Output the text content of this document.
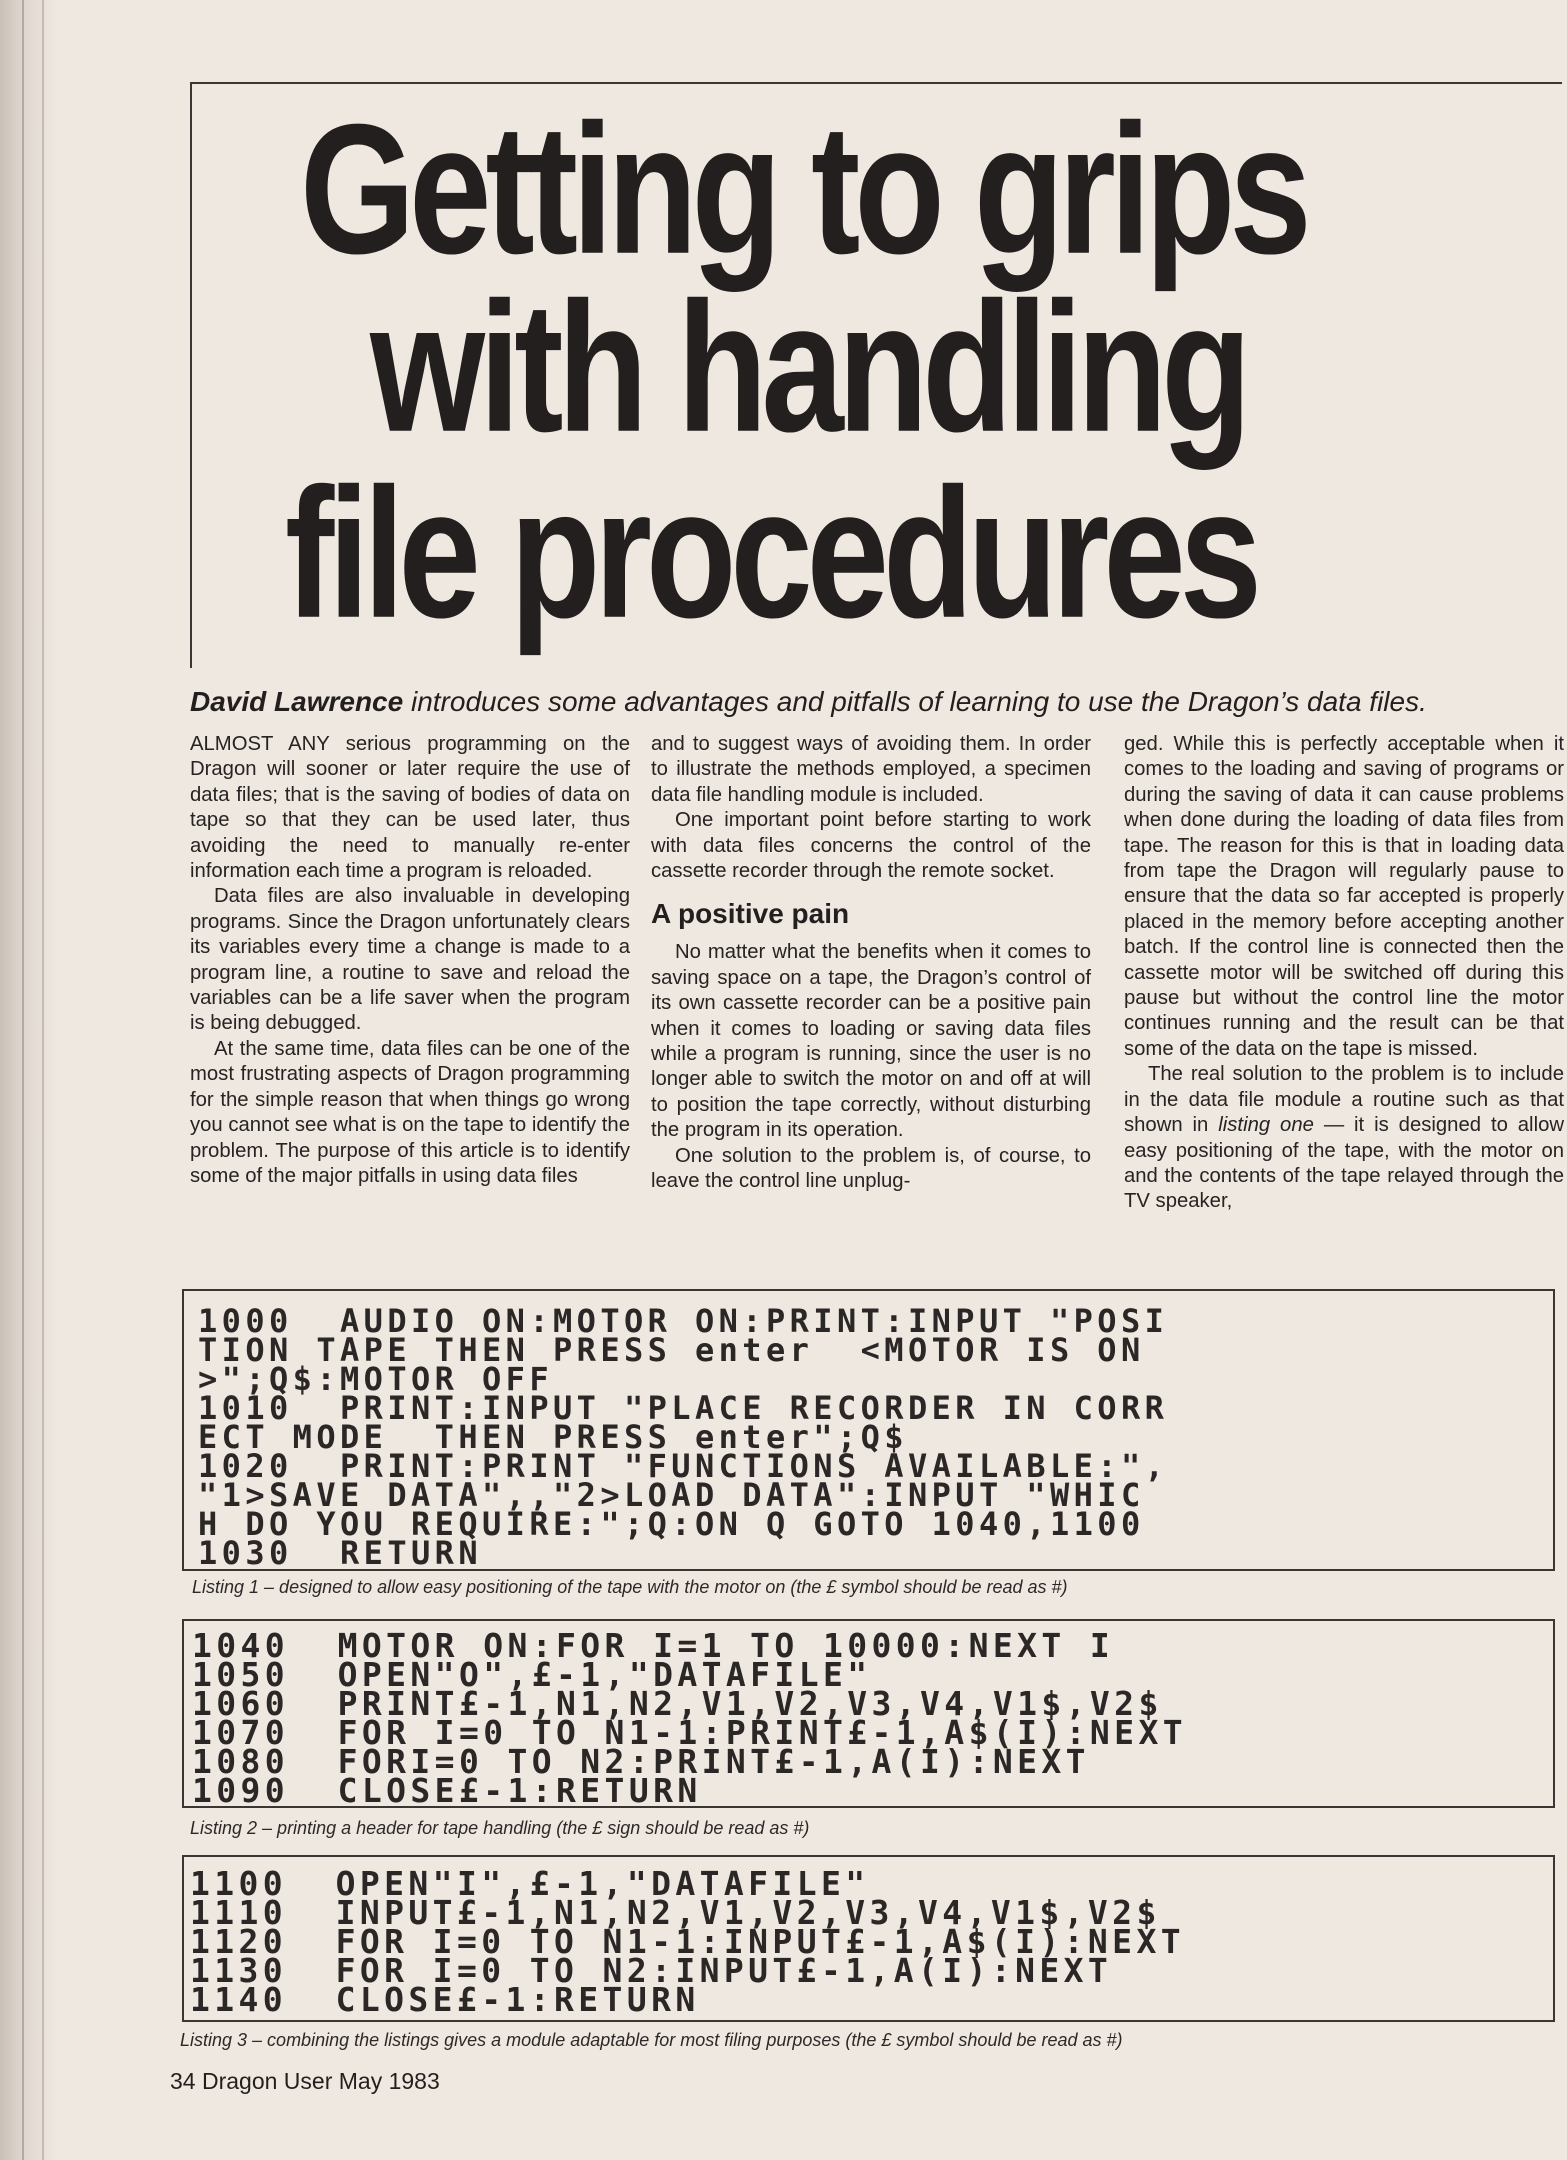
Getting to grips
with handling
file procedures
David Lawrence introduces some advantages and pitfalls of learning to use the Dragon’s data files.

ALMOST ANY serious programming on the Dragon will sooner or later require the use of data files; that is the saving of bodies of data on tape so that they can be used later, thus avoiding the need to manually re-enter information each time a program is reloaded.

Data files are also invaluable in developing programs. Since the Dragon unfortunately clears its variables every time a change is made to a program line, a routine to save and reload the variables can be a life saver when the program is being debugged.

At the same time, data files can be one of the most frustrating aspects of Dragon programming for the simple reason that when things go wrong you cannot see what is on the tape to identify the problem. The purpose of this article is to identify some of the major pitfalls in using data files

and to suggest ways of avoiding them. In order to illustrate the methods employed, a specimen data file handling module is included.

One important point before starting to work with data files concerns the control of the cassette recorder through the remote socket.

A positive pain

No matter what the benefits when it comes to saving space on a tape, the Dragon’s control of its own cassette recorder can be a positive pain when it comes to loading or saving data files while a program is running, since the user is no longer able to switch the motor on and off at will to position the tape correctly, without disturbing the program in its operation.

One solution to the problem is, of course, to leave the control line unplug-

ged. While this is perfectly acceptable when it comes to the loading and saving of programs or during the saving of data it can cause problems when done during the loading of data files from tape. The reason for this is that in loading data from tape the Dragon will regularly pause to ensure that the data so far accepted is properly placed in the memory before accepting another batch. If the control line is connected then the cassette motor will be switched off during this pause but without the control line the motor continues running and the result can be that some of the data on the tape is missed.

The real solution to the problem is to include in the data file module a routine such as that shown in listing one — it is designed to allow easy positioning of the tape, with the motor on and the contents of the tape relayed through the TV speaker,

1000  AUDIO ON:MOTOR ON:PRINT:INPUT "POSI
TION TAPE THEN PRESS enter  <MOTOR IS ON
>";Q$:MOTOR OFF
1010  PRINT:INPUT "PLACE RECORDER IN CORR
ECT MODE  THEN PRESS enter";Q$
1020  PRINT:PRINT "FUNCTIONS AVAILABLE:",
"1>SAVE DATA",,"2>LOAD DATA":INPUT "WHIC
H DO YOU REQUIRE:";Q:ON Q GOTO 1040,1100
1030  RETURN
Listing 1 – designed to allow easy positioning of the tape with the motor on (the £ symbol should be read as #)
1040  MOTOR ON:FOR I=1 TO 10000:NEXT I
1050  OPEN"O",£-1,"DATAFILE"
1060  PRINT£-1,N1,N2,V1,V2,V3,V4,V1$,V2$
1070  FOR I=0 TO N1-1:PRINT£-1,A$(I):NEXT
1080  FORI=0 TO N2:PRINT£-1,A(I):NEXT
1090  CLOSE£-1:RETURN
Listing 2 – printing a header for tape handling (the £ sign should be read as #)
1100  OPEN"I",£-1,"DATAFILE"
1110  INPUT£-1,N1,N2,V1,V2,V3,V4,V1$,V2$
1120  FOR I=0 TO N1-1:INPUT£-1,A$(I):NEXT
1130  FOR I=0 TO N2:INPUT£-1,A(I):NEXT
1140  CLOSE£-1:RETURN
Listing 3 – combining the listings gives a module adaptable for most filing purposes (the £ symbol should be read as #)
34 Dragon User May 1983
